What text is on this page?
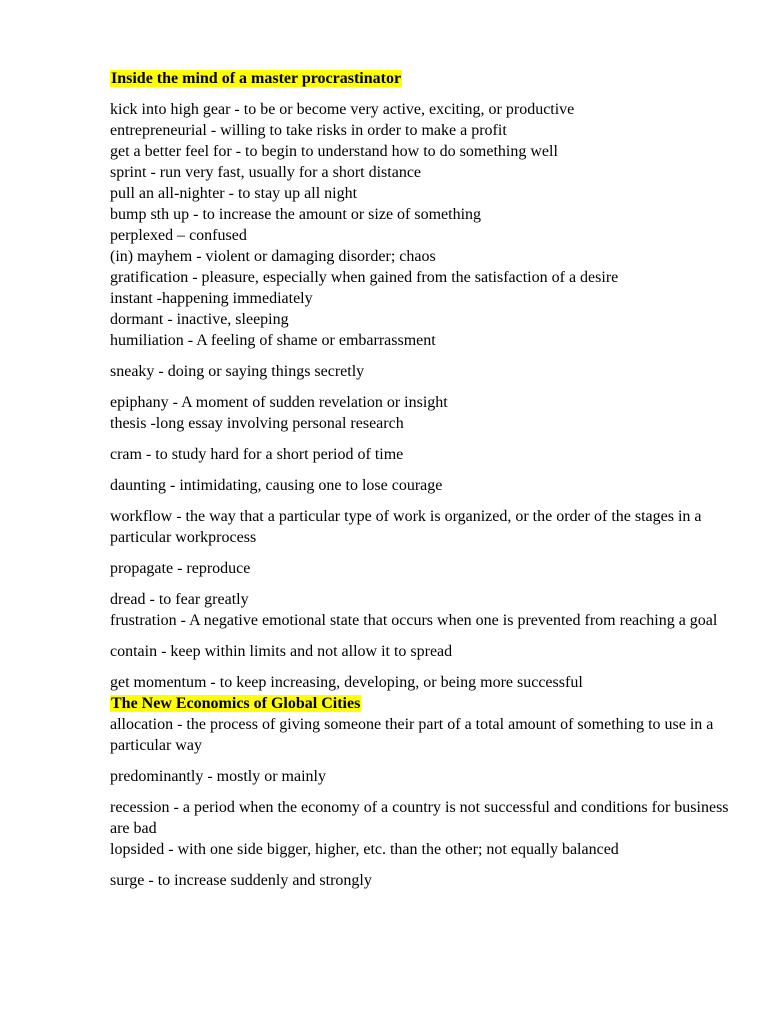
Inside the mind of a master procrastinator
kick into high gear - to be or become very active, exciting, or productive
entrepreneurial - willing to take risks in order to make a profit
get a better feel for - to begin to understand how to do something well
sprint - run very fast, usually for a short distance
pull an all-nighter - to stay up all night
bump sth up - to increase the amount or size of something
perplexed – confused
(in) mayhem - violent or damaging disorder; chaos
gratification - pleasure, especially when gained from the satisfaction of a desire
instant -happening immediately
dormant - inactive, sleeping
humiliation - A feeling of shame or embarrassment
sneaky - doing or saying things secretly
epiphany - A moment of sudden revelation or insight
thesis -long essay involving personal research
cram - to study hard for a short period of time
daunting - intimidating, causing one to lose courage
workflow - the way that a particular type of work is organized, or the order of the stages in a particular workprocess
propagate - reproduce
dread - to fear greatly
frustration - A negative emotional state that occurs when one is prevented from reaching a goal
contain - keep within limits and not allow it to spread
get momentum - to keep increasing, developing, or being more successful
The New Economics of Global Cities
allocation - the process of giving someone their part of a total amount of something to use in a particular way
predominantly - mostly or mainly
recession - a period when the economy of a country is not successful and conditions for business are bad
lopsided - with one side bigger, higher, etc. than the other; not equally balanced
surge - to increase suddenly and strongly
